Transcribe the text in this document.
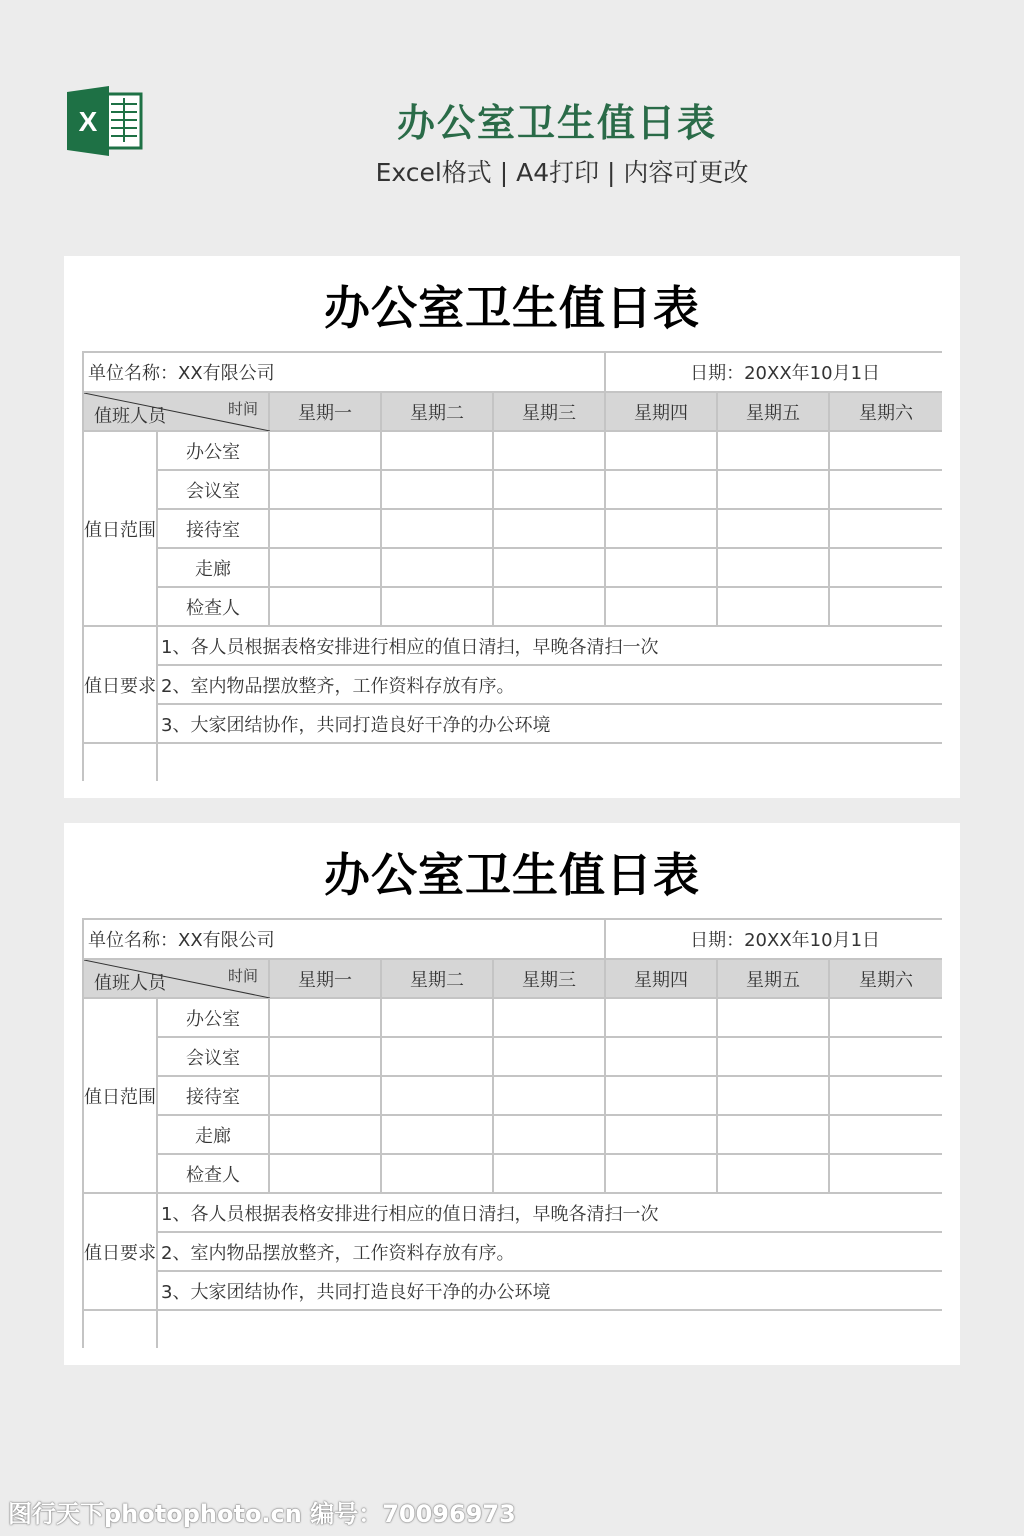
X	办公室卫生值日表
Excel格式 | A4打印 | 内容可更改
办公室卫生值日表
单位名称：XX有限公司					日期：20XX年10月1日		

时间
值班人员		星期一	星期二	星期三	星期四	星期五	星期六
值日范围	办公室						
	会议室						
	接待室						
	走廊						
	检查人						
值日要求	1、各人员根据表格安排进行相应的值日清扫，早晚各清扫一次						
	2、室内物品摆放整齐，工作资料存放有序。						
	3、大家团结协作，共同打造良好干净的办公环境						

办公室卫生值日表
单位名称：XX有限公司					日期：20XX年10月1日		

时间
值班人员		星期一	星期二	星期三	星期四	星期五	星期六
值日范围	办公室						
	会议室						
	接待室						
	走廊						
	检查人						
值日要求	1、各人员根据表格安排进行相应的值日清扫，早晚各清扫一次						
	2、室内物品摆放整齐，工作资料存放有序。						
	3、大家团结协作，共同打造良好干净的办公环境						

图行天下photophoto.cn 编号：70096973
